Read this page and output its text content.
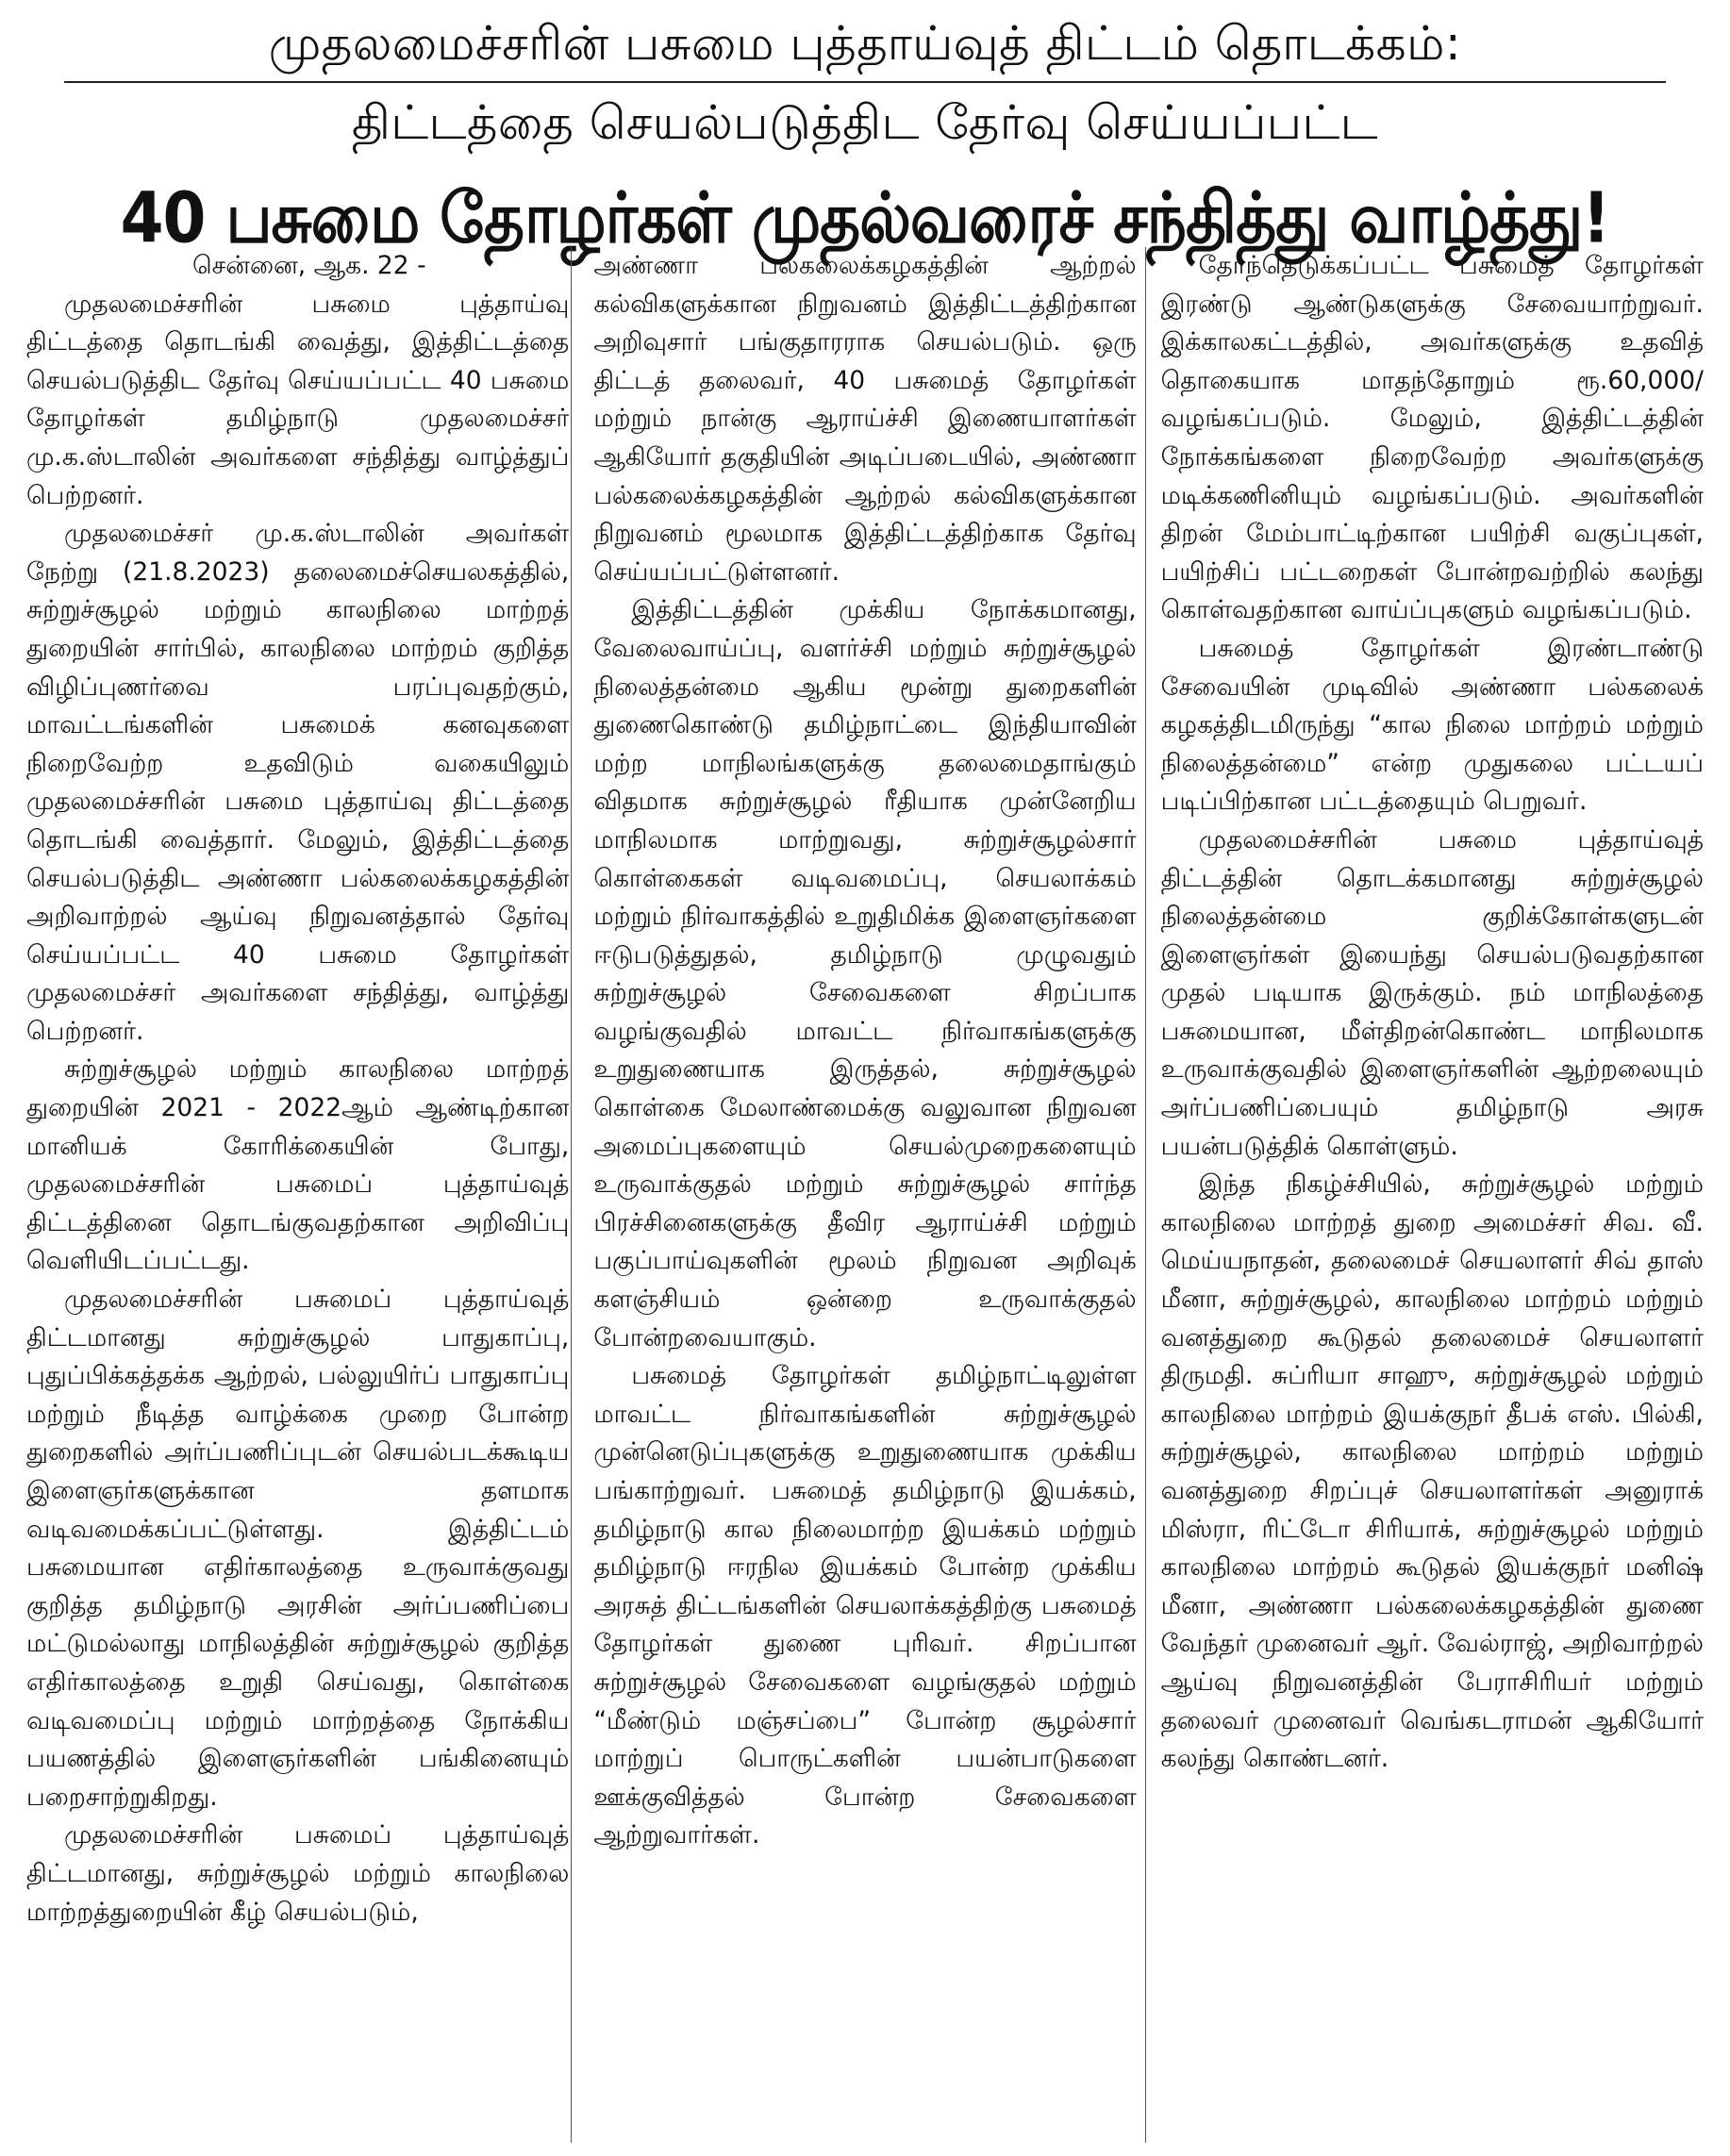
முதலமைச்சரின் பசுமை புத்தாய்வுத் திட்டம் தொடக்கம்:
திட்டத்தை செயல்படுத்திட தேர்வு செய்யப்பட்ட
40 பசுமை தோழர்கள் முதல்வரைச் சந்தித்து வாழ்த்து!

சென்னை, ஆக. 22 -

முதலமைச்சரின் பசுமை புத்தாய்வு திட்டத்தை தொடங்கி வைத்து, இத்திட்டத்தை செயல்படுத்திட தேர்வு செய்யப்பட்ட 40 பசுமை தோழர்கள் தமிழ்நாடு முதலமைச்சர் மு.க.ஸ்டாலின் அவர்களை சந்தித்து வாழ்த்துப் பெற்றனர்.

முதலமைச்சர் மு.க.ஸ்டாலின் அவர்கள் நேற்று (21.8.2023) தலைமைச்செயலகத்தில், சுற்றுச்சூழல் மற்றும் காலநிலை மாற்றத் துறையின் சார்பில், காலநிலை மாற்றம் குறித்த விழிப்புணர்வை பரப்புவதற்கும், மாவட்டங்களின் பசுமைக் கனவுகளை நிறைவேற்ற உதவிடும் வகையிலும் முதலமைச்சரின் பசுமை புத்தாய்வு திட்டத்தை தொடங்கி வைத்தார். மேலும், இத்திட்டத்தை செயல்படுத்திட அண்ணா பல்கலைக்கழகத்தின் அறிவாற்றல் ஆய்வு நிறுவனத்தால் தேர்வு செய்யப்பட்ட 40 பசுமை தோழர்கள் முதலமைச்சர் அவர்களை சந்தித்து, வாழ்த்து பெற்றனர்.

சுற்றுச்சூழல் மற்றும் காலநிலை மாற்றத் துறையின் 2021 - 2022ஆம் ஆண்டிற்கான மானியக் கோரிக்கையின் போது, முதலமைச்சரின் பசுமைப் புத்தாய்வுத் திட்டத்தினை தொடங்குவதற்கான அறிவிப்பு வெளியிடப்பட்டது.

முதலமைச்சரின் பசுமைப் புத்தாய்வுத் திட்டமானது சுற்றுச்சூழல் பாதுகாப்பு, புதுப்பிக்கத்தக்க ஆற்றல், பல்லுயிர்ப் பாதுகாப்பு மற்றும் நீடித்த வாழ்க்கை முறை போன்ற துறைகளில் அர்ப்பணிப்புடன் செயல்படக்கூடிய இளைஞர்களுக்கான தளமாக வடிவமைக்கப்பட்டுள்ளது. இத்திட்டம் பசுமையான எதிர்காலத்தை உருவாக்குவது குறித்த தமிழ்நாடு அரசின் அர்ப்பணிப்பை மட்டுமல்லாது மாநிலத்தின் சுற்றுச்சூழல் குறித்த எதிர்காலத்தை உறுதி செய்வது, கொள்கை வடிவமைப்பு மற்றும் மாற்றத்தை நோக்கிய பயணத்தில் இளைஞர்களின் பங்கினையும் பறைசாற்றுகிறது.

முதலமைச்சரின் பசுமைப் புத்தாய்வுத் திட்டமானது, சுற்றுச்சூழல் மற்றும் காலநிலை மாற்றத்துறையின் கீழ் செயல்படும்,

அண்ணா பல்கலைக்கழகத்தின் ஆற்றல் கல்விகளுக்கான நிறுவனம் இத்திட்டத்திற்கான அறிவுசார் பங்குதாரராக செயல்படும். ஒரு திட்டத் தலைவர், 40 பசுமைத் தோழர்கள் மற்றும் நான்கு ஆராய்ச்சி இணையாளர்கள் ஆகியோர் தகுதியின் அடிப்படையில், அண்ணா பல்கலைக்கழகத்தின் ஆற்றல் கல்விகளுக்கான நிறுவனம் மூலமாக இத்திட்டத்திற்காக தேர்வு செய்யப்பட்டுள்ளனர்.

இத்திட்டத்தின் முக்கிய நோக்கமானது, வேலைவாய்ப்பு, வளர்ச்சி மற்றும் சுற்றுச்சூழல் நிலைத்தன்மை ஆகிய மூன்று துறைகளின் துணைகொண்டு தமிழ்நாட்டை இந்தியாவின் மற்ற மாநிலங்களுக்கு தலைமைதாங்கும் விதமாக சுற்றுச்சூழல் ரீதியாக முன்னேறிய மாநிலமாக மாற்றுவது, சுற்றுச்சூழல்சார் கொள்கைகள் வடிவமைப்பு, செயலாக்கம் மற்றும் நிர்வாகத்தில் உறுதிமிக்க இளைஞர்களை ஈடுபடுத்துதல், தமிழ்நாடு முழுவதும் சுற்றுச்சூழல் சேவைகளை சிறப்பாக வழங்குவதில் மாவட்ட நிர்வாகங்களுக்கு உறுதுணையாக இருத்தல், சுற்றுச்சூழல் கொள்கை மேலாண்மைக்கு வலுவான நிறுவன அமைப்புகளையும் செயல்முறைகளையும் உருவாக்குதல் மற்றும் சுற்றுச்சூழல் சார்ந்த பிரச்சினைகளுக்கு தீவிர ஆராய்ச்சி மற்றும் பகுப்பாய்வுகளின் மூலம் நிறுவன அறிவுக் களஞ்சியம் ஒன்றை உருவாக்குதல் போன்றவையாகும்.

பசுமைத் தோழர்கள் தமிழ்நாட்டிலுள்ள மாவட்ட நிர்வாகங்களின் சுற்றுச்சூழல் முன்னெடுப்புகளுக்கு உறுதுணையாக முக்கிய பங்காற்றுவர். பசுமைத் தமிழ்நாடு இயக்கம், தமிழ்நாடு கால நிலைமாற்ற இயக்கம் மற்றும் தமிழ்நாடு ஈரநில இயக்கம் போன்ற முக்கிய அரசுத் திட்டங்களின் செயலாக்கத்திற்கு பசுமைத் தோழர்கள் துணை புரிவர். சிறப்பான சுற்றுச்சூழல் சேவைகளை வழங்குதல் மற்றும் “மீண்டும் மஞ்சப்பை” போன்ற சூழல்சார் மாற்றுப் பொருட்களின் பயன்பாடுகளை ஊக்குவித்தல் போன்ற சேவைகளை ஆற்றுவார்கள்.

தேர்ந்தெடுக்கப்பட்ட பசுமைத் தோழர்கள் இரண்டு ஆண்டுகளுக்கு சேவையாற்றுவர். இக்காலகட்டத்தில், அவர்களுக்கு உதவித் தொகையாக மாதந்தோறும் ரூ.60,000/ வழங்கப்படும். மேலும், இத்திட்டத்தின் நோக்கங்களை நிறைவேற்ற அவர்களுக்கு மடிக்கணினியும் வழங்கப்படும். அவர்களின் திறன் மேம்பாட்டிற்கான பயிற்சி வகுப்புகள், பயிற்சிப் பட்டறைகள் போன்றவற்றில் கலந்து கொள்வதற்கான வாய்ப்புகளும் வழங்கப்படும்.

பசுமைத் தோழர்கள் இரண்டாண்டு சேவையின் முடிவில் அண்ணா பல்கலைக் கழகத்திடமிருந்து “கால நிலை மாற்றம் மற்றும் நிலைத்தன்மை” என்ற முதுகலை பட்டயப் படிப்பிற்கான பட்டத்தையும் பெறுவர்.

முதலமைச்சரின் பசுமை புத்தாய்வுத் திட்டத்தின் தொடக்கமானது சுற்றுச்சூழல் நிலைத்தன்மை குறிக்கோள்களுடன் இளைஞர்கள் இயைந்து செயல்படுவதற்கான முதல் படியாக இருக்கும். நம் மாநிலத்தை பசுமையான, மீள்திறன்கொண்ட மாநிலமாக உருவாக்குவதில் இளைஞர்களின் ஆற்றலையும் அர்ப்பணிப்பையும் தமிழ்நாடு அரசு பயன்படுத்திக் கொள்ளும்.

இந்த நிகழ்ச்சியில், சுற்றுச்சூழல் மற்றும் காலநிலை மாற்றத் துறை அமைச்சர் சிவ. வீ. மெய்யநாதன், தலைமைச் செயலாளர் சிவ் தாஸ் மீனா, சுற்றுச்சூழல், காலநிலை மாற்றம் மற்றும் வனத்துறை கூடுதல் தலைமைச் செயலாளர் திருமதி. சுப்ரியா சாஹு, சுற்றுச்சூழல் மற்றும் காலநிலை மாற்றம் இயக்குநர் தீபக் எஸ். பில்கி, சுற்றுச்சூழல், காலநிலை மாற்றம் மற்றும் வனத்துறை சிறப்புச் செயலாளர்கள் அனுராக் மிஸ்ரா, ரிட்டோ சிரியாக், சுற்றுச்சூழல் மற்றும் காலநிலை மாற்றம் கூடுதல் இயக்குநர் மனிஷ் மீனா, அண்ணா பல்கலைக்கழகத்தின் துணை வேந்தர் முனைவர் ஆர். வேல்ராஜ், அறிவாற்றல் ஆய்வு நிறுவனத்தின் பேராசிரியர் மற்றும் தலைவர் முனைவர் வெங்கடராமன் ஆகியோர் கலந்து கொண்டனர்.
